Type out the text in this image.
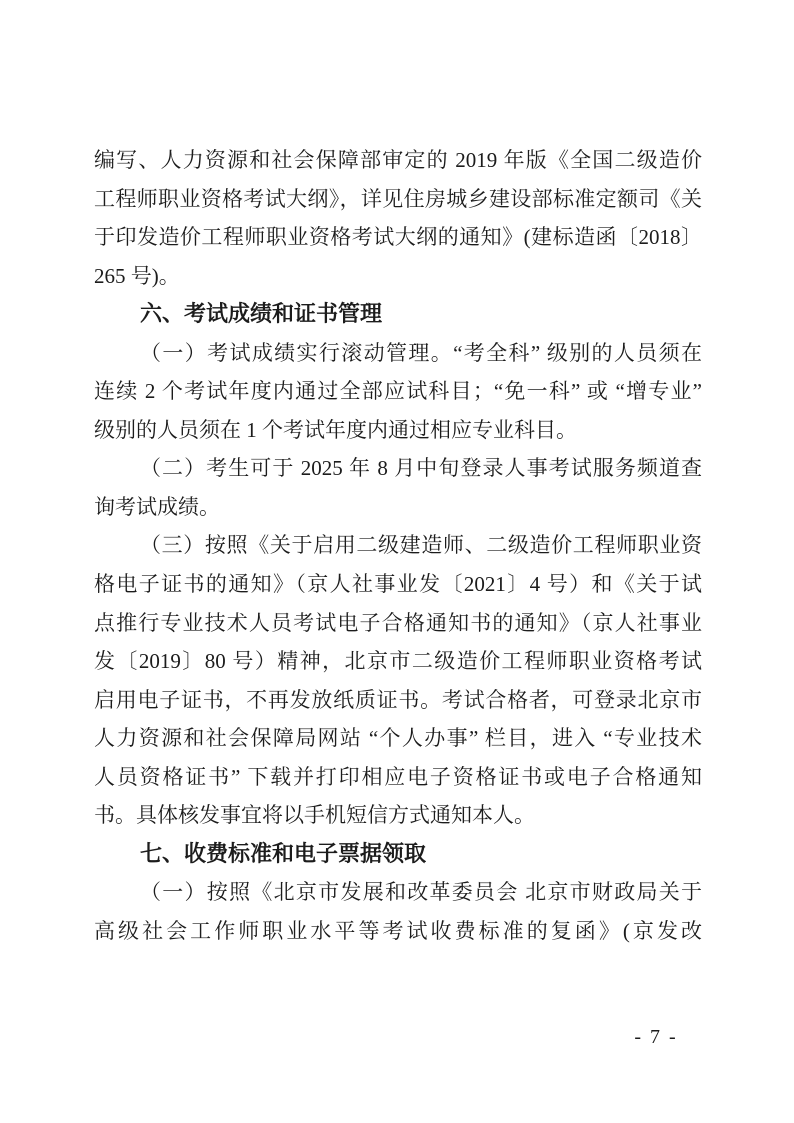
编写、人力资源和社会保障部审定的 2019 年版《全国二级造价
工程师职业资格考试大纲》，详见住房城乡建设部标准定额司《关
于印发造价工程师职业资格考试大纲的通知》(建标造函〔2018〕
265 号)。
六、考试成绩和证书管理
（一）考试成绩实行滚动管理。“考全科” 级别的人员须在
连续 2 个考试年度内通过全部应试科目；“免一科” 或 “增专业”
级别的人员须在 1 个考试年度内通过相应专业科目。
（二）考生可于 2025 年 8 月中旬登录人事考试服务频道查
询考试成绩。
（三）按照《关于启用二级建造师、二级造价工程师职业资
格电子证书的通知》（京人社事业发〔2021〕4 号）和《关于试
点推行专业技术人员考试电子合格通知书的通知》（京人社事业
发〔2019〕80 号）精神，北京市二级造价工程师职业资格考试
启用电子证书，不再发放纸质证书。考试合格者，可登录北京市
人力资源和社会保障局网站 “个人办事” 栏目，进入 “专业技术
人员资格证书” 下载并打印相应电子资格证书或电子合格通知
书。具体核发事宜将以手机短信方式通知本人。
七、收费标准和电子票据领取
（一）按照《北京市发展和改革委员会 北京市财政局关于
高级社会工作师职业水平等考试收费标准的复函》(京发改
- 7 -
